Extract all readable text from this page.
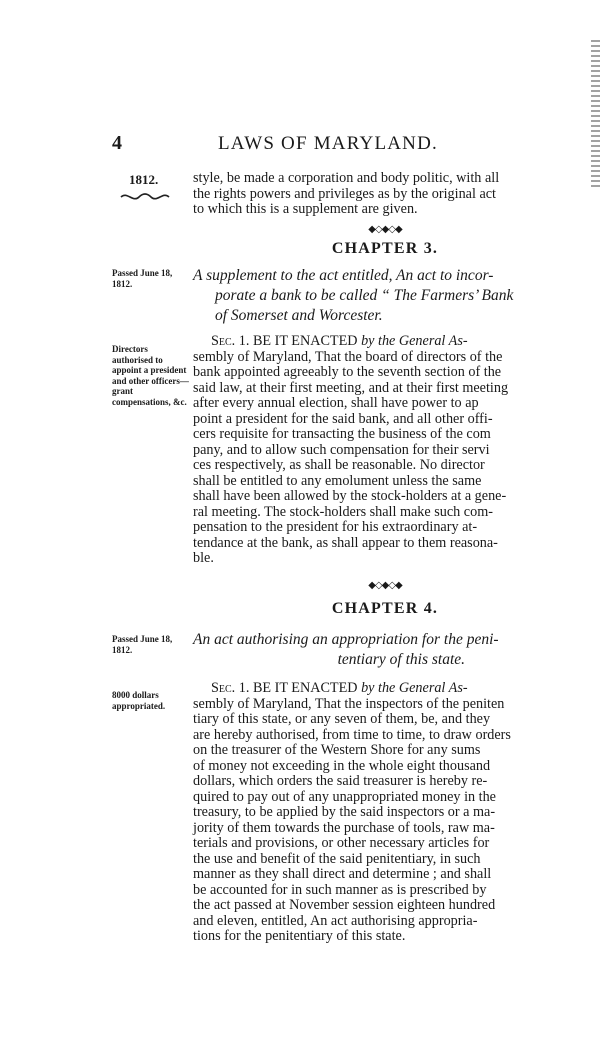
4	LAWS OF MARYLAND.
1812. style, be made a corporation and body politic, with all
the rights powers and privileges as by the original act
to which this is a supplement are given.
◆◇◆◇◆
CHAPTER 3.
Passed June 18,
1812.	A supplement to the act entitled, An act to incor-
porate a bank to be called “ The Farmers’ Bank
of Somerset and Worcester.
Directors authorised to appoint a president and other officers—grant compensations, &c.
Sec. 1. BE IT ENACTED by the General As-
sembly of Maryland, That the board of directors of the
bank appointed agreeably to the seventh section of the
said law, at their first meeting, and at their first meeting
after every annual election, shall have power to ap
point a president for the said bank, and all other offi-
cers requisite for transacting the business of the com
pany, and to allow such compensation for their servi
ces respectively, as shall be reasonable. No director
shall be entitled to any emolument unless the same
shall have been allowed by the stock-holders at a gene-
ral meeting. The stock-holders shall make such com-
pensation to the president for his extraordinary at-
tendance at the bank, as shall appear to them reasona-
ble.
◆◇◆◇◆
CHAPTER 4.
Passed June 18,
1812.
An act authorising an appropriation for the peni-
tentiary of this state.
8000 dollars appropriated.
Sec. 1. BE IT ENACTED by the General As-
sembly of Maryland, That the inspectors of the peniten
tiary of this state, or any seven of them, be, and they
are hereby authorised, from time to time, to draw orders
on the treasurer of the Western Shore for any sums
of money not exceeding in the whole eight thousand
dollars, which orders the said treasurer is hereby re-
quired to pay out of any unappropriated money in the
treasury, to be applied by the said inspectors or a ma-
jority of them towards the purchase of tools, raw ma-
terials and provisions, or other necessary articles for
the use and benefit of the said penitentiary, in such
manner as they shall direct and determine ; and shall
be accounted for in such manner as is prescribed by
the act passed at November session eighteen hundred
and eleven, entitled, An act authorising appropria-
tions for the penitentiary of this state.
